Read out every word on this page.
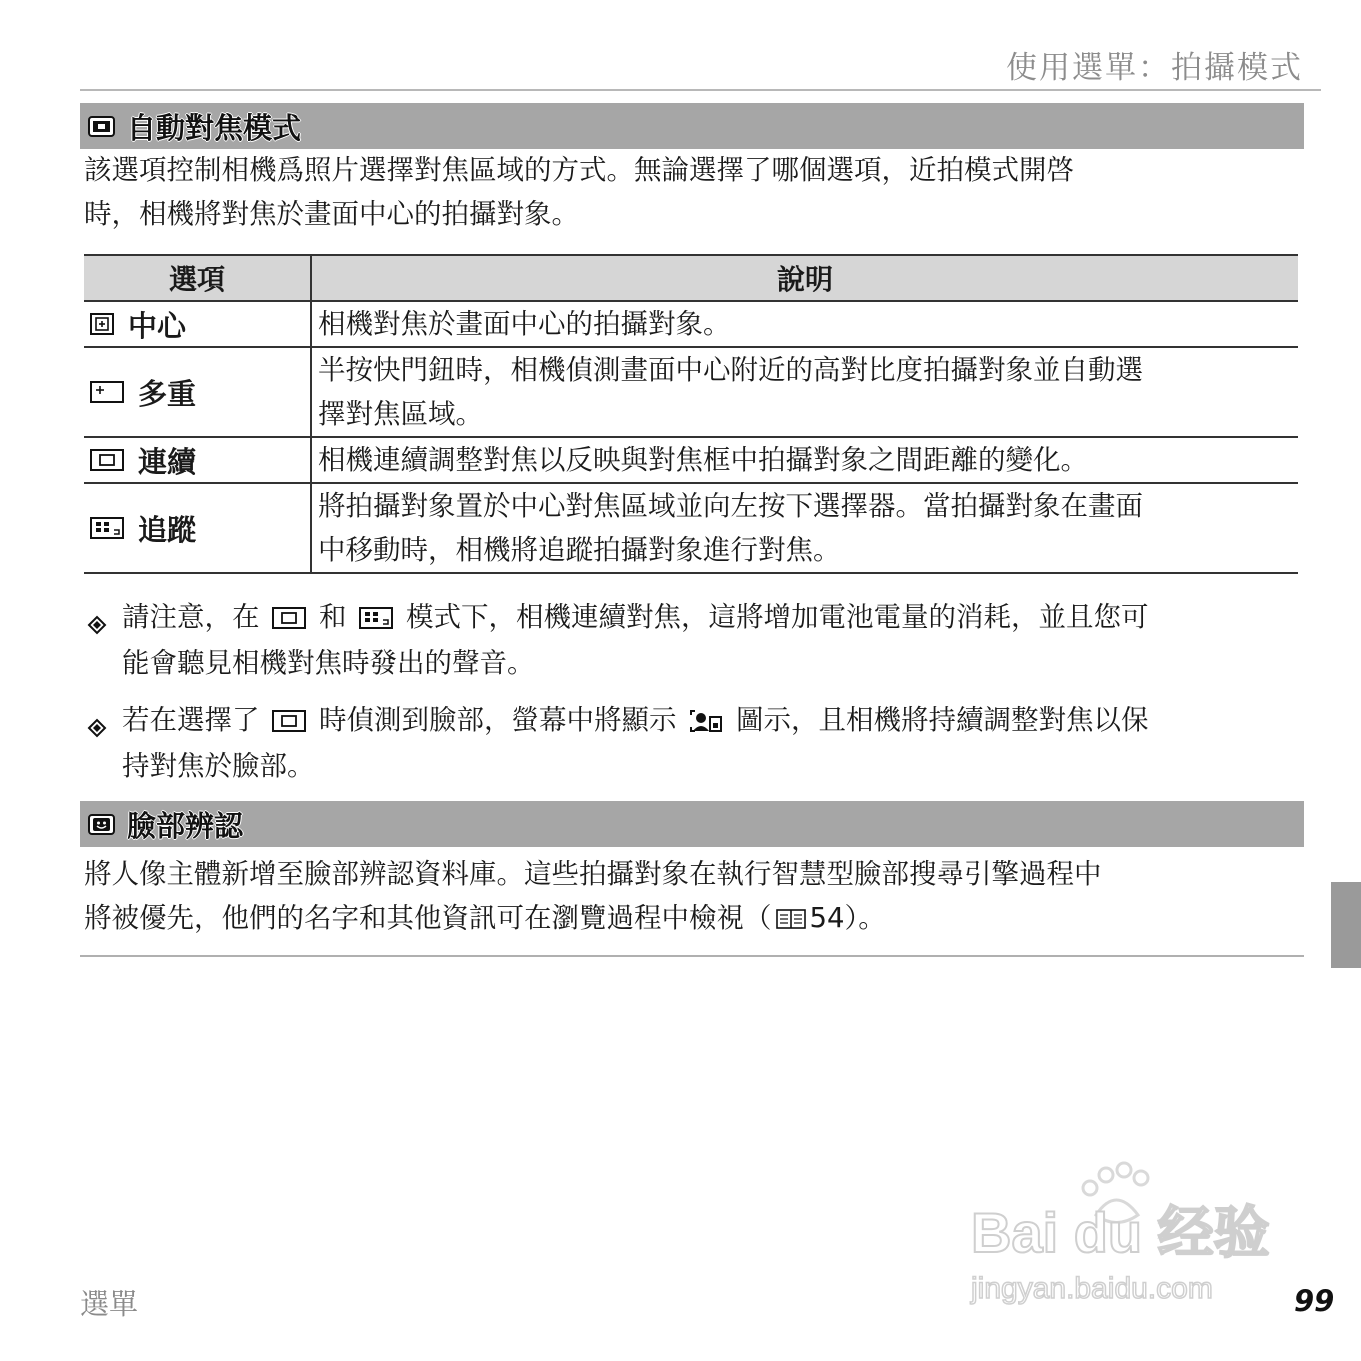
使用選單：拍攝模式
自動對焦模式
該選項控制相機爲照片選擇對焦區域的方式。無論選擇了哪個選項，近拍模式開啓
時，相機將對焦於畫面中心的拍攝對象。
選項	說明

中心	相機對焦於畫面中心的拍攝對象。

多重	半按快門鈕時，相機偵測畫面中心附近的高對比度拍攝對象並自動選
擇對焦區域。

連續	相機連續調整對焦以反映與對焦框中拍攝對象之間距離的變化。

追蹤	將拍攝對象置於中心對焦區域並向左按下選擇器。當拍攝對象在畫面
中移動時，相機將追蹤拍攝對象進行對焦。
請注意，在 和 模式下，相機連續對焦，這將增加電池電量的消耗，並且您可
能會聽見相機對焦時發出的聲音。
若在選擇了 時偵測到臉部，螢幕中將顯示 圖示，且相機將持續調整對焦以保
持對焦於臉部。
臉部辨認
將人像主體新增至臉部辨認資料庫。這些拍攝對象在執行智慧型臉部搜尋引擎過程中
將被優先，他們的名字和其他資訊可在瀏覽過程中檢視（ 54）。
Bai du 经验
jingyan.baidu.com
選單	99
